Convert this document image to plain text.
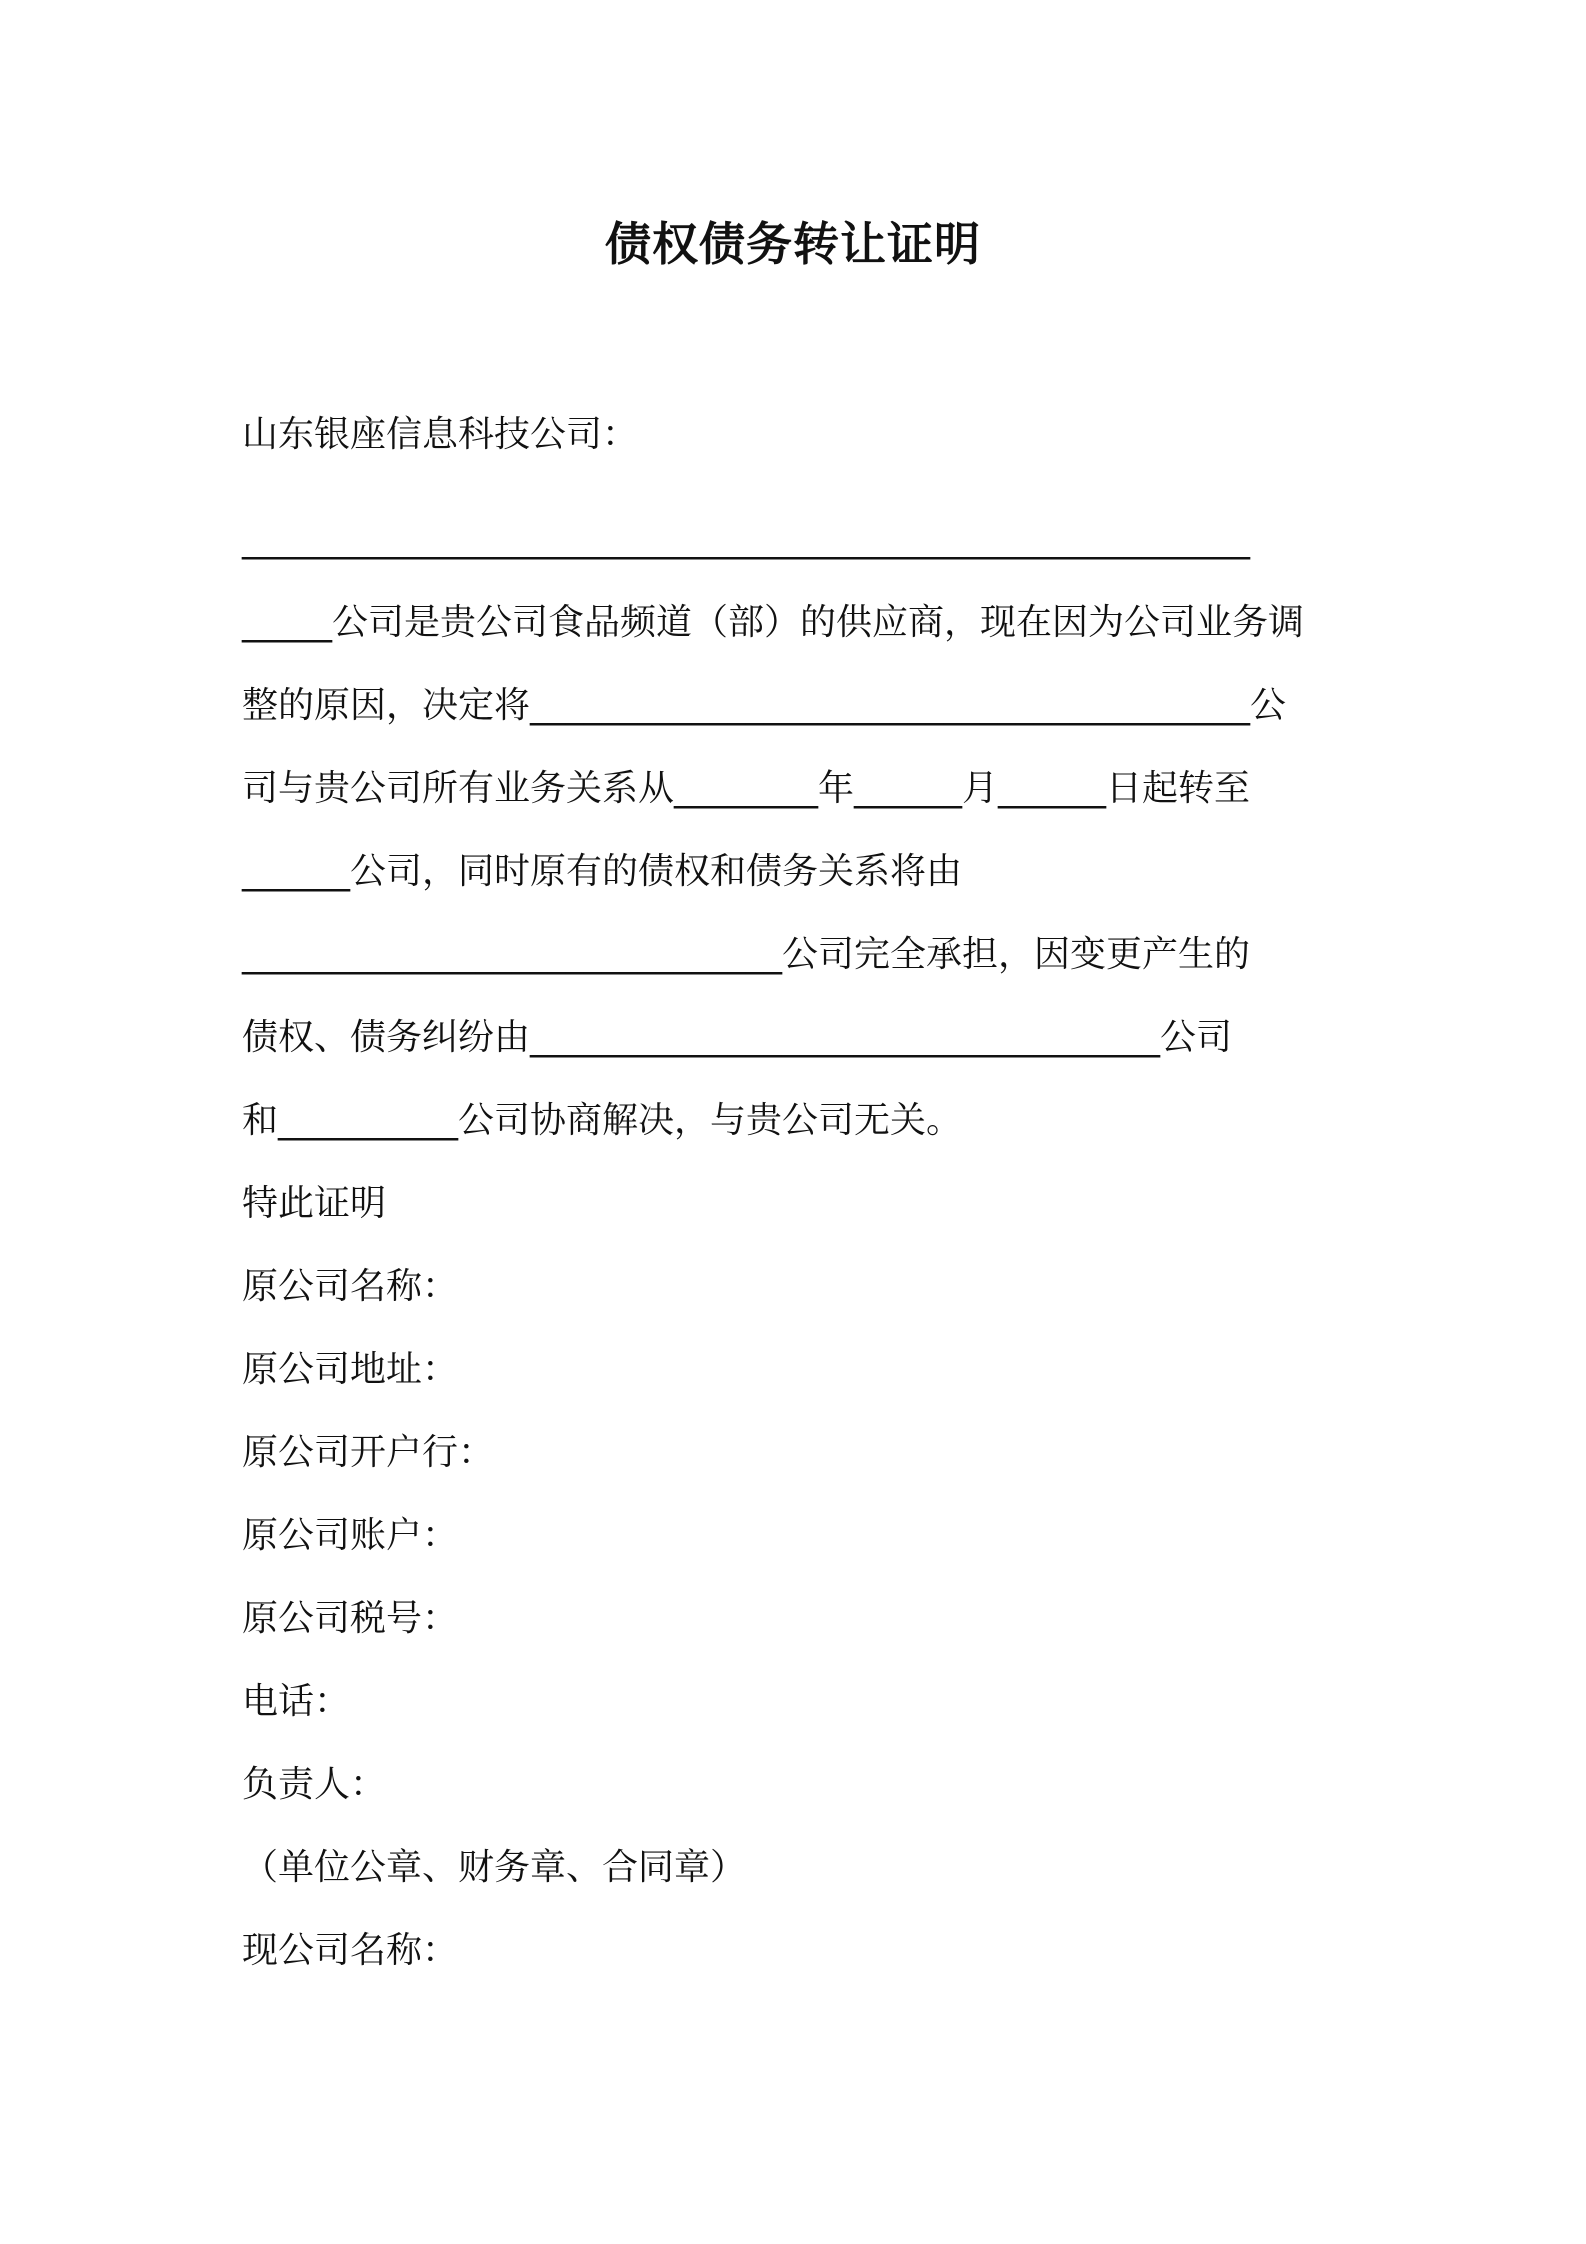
债权债务转让证明
山东银座信息科技公司：
________________________________________________________
_____公司是贵公司食品频道（部）的供应商，现在因为公司业务调
整的原因，决定将________________________________________公
司与贵公司所有业务关系从________年______月______日起转至
______公司，同时原有的债权和债务关系将由
______________________________公司完全承担，因变更产生的
债权、债务纠纷由___________________________________公司
和__________公司协商解决，与贵公司无关。
特此证明
原公司名称：
原公司地址：
原公司开户行：
原公司账户：
原公司税号：
电话：
负责人：
（单位公章、财务章、合同章）
现公司名称：
